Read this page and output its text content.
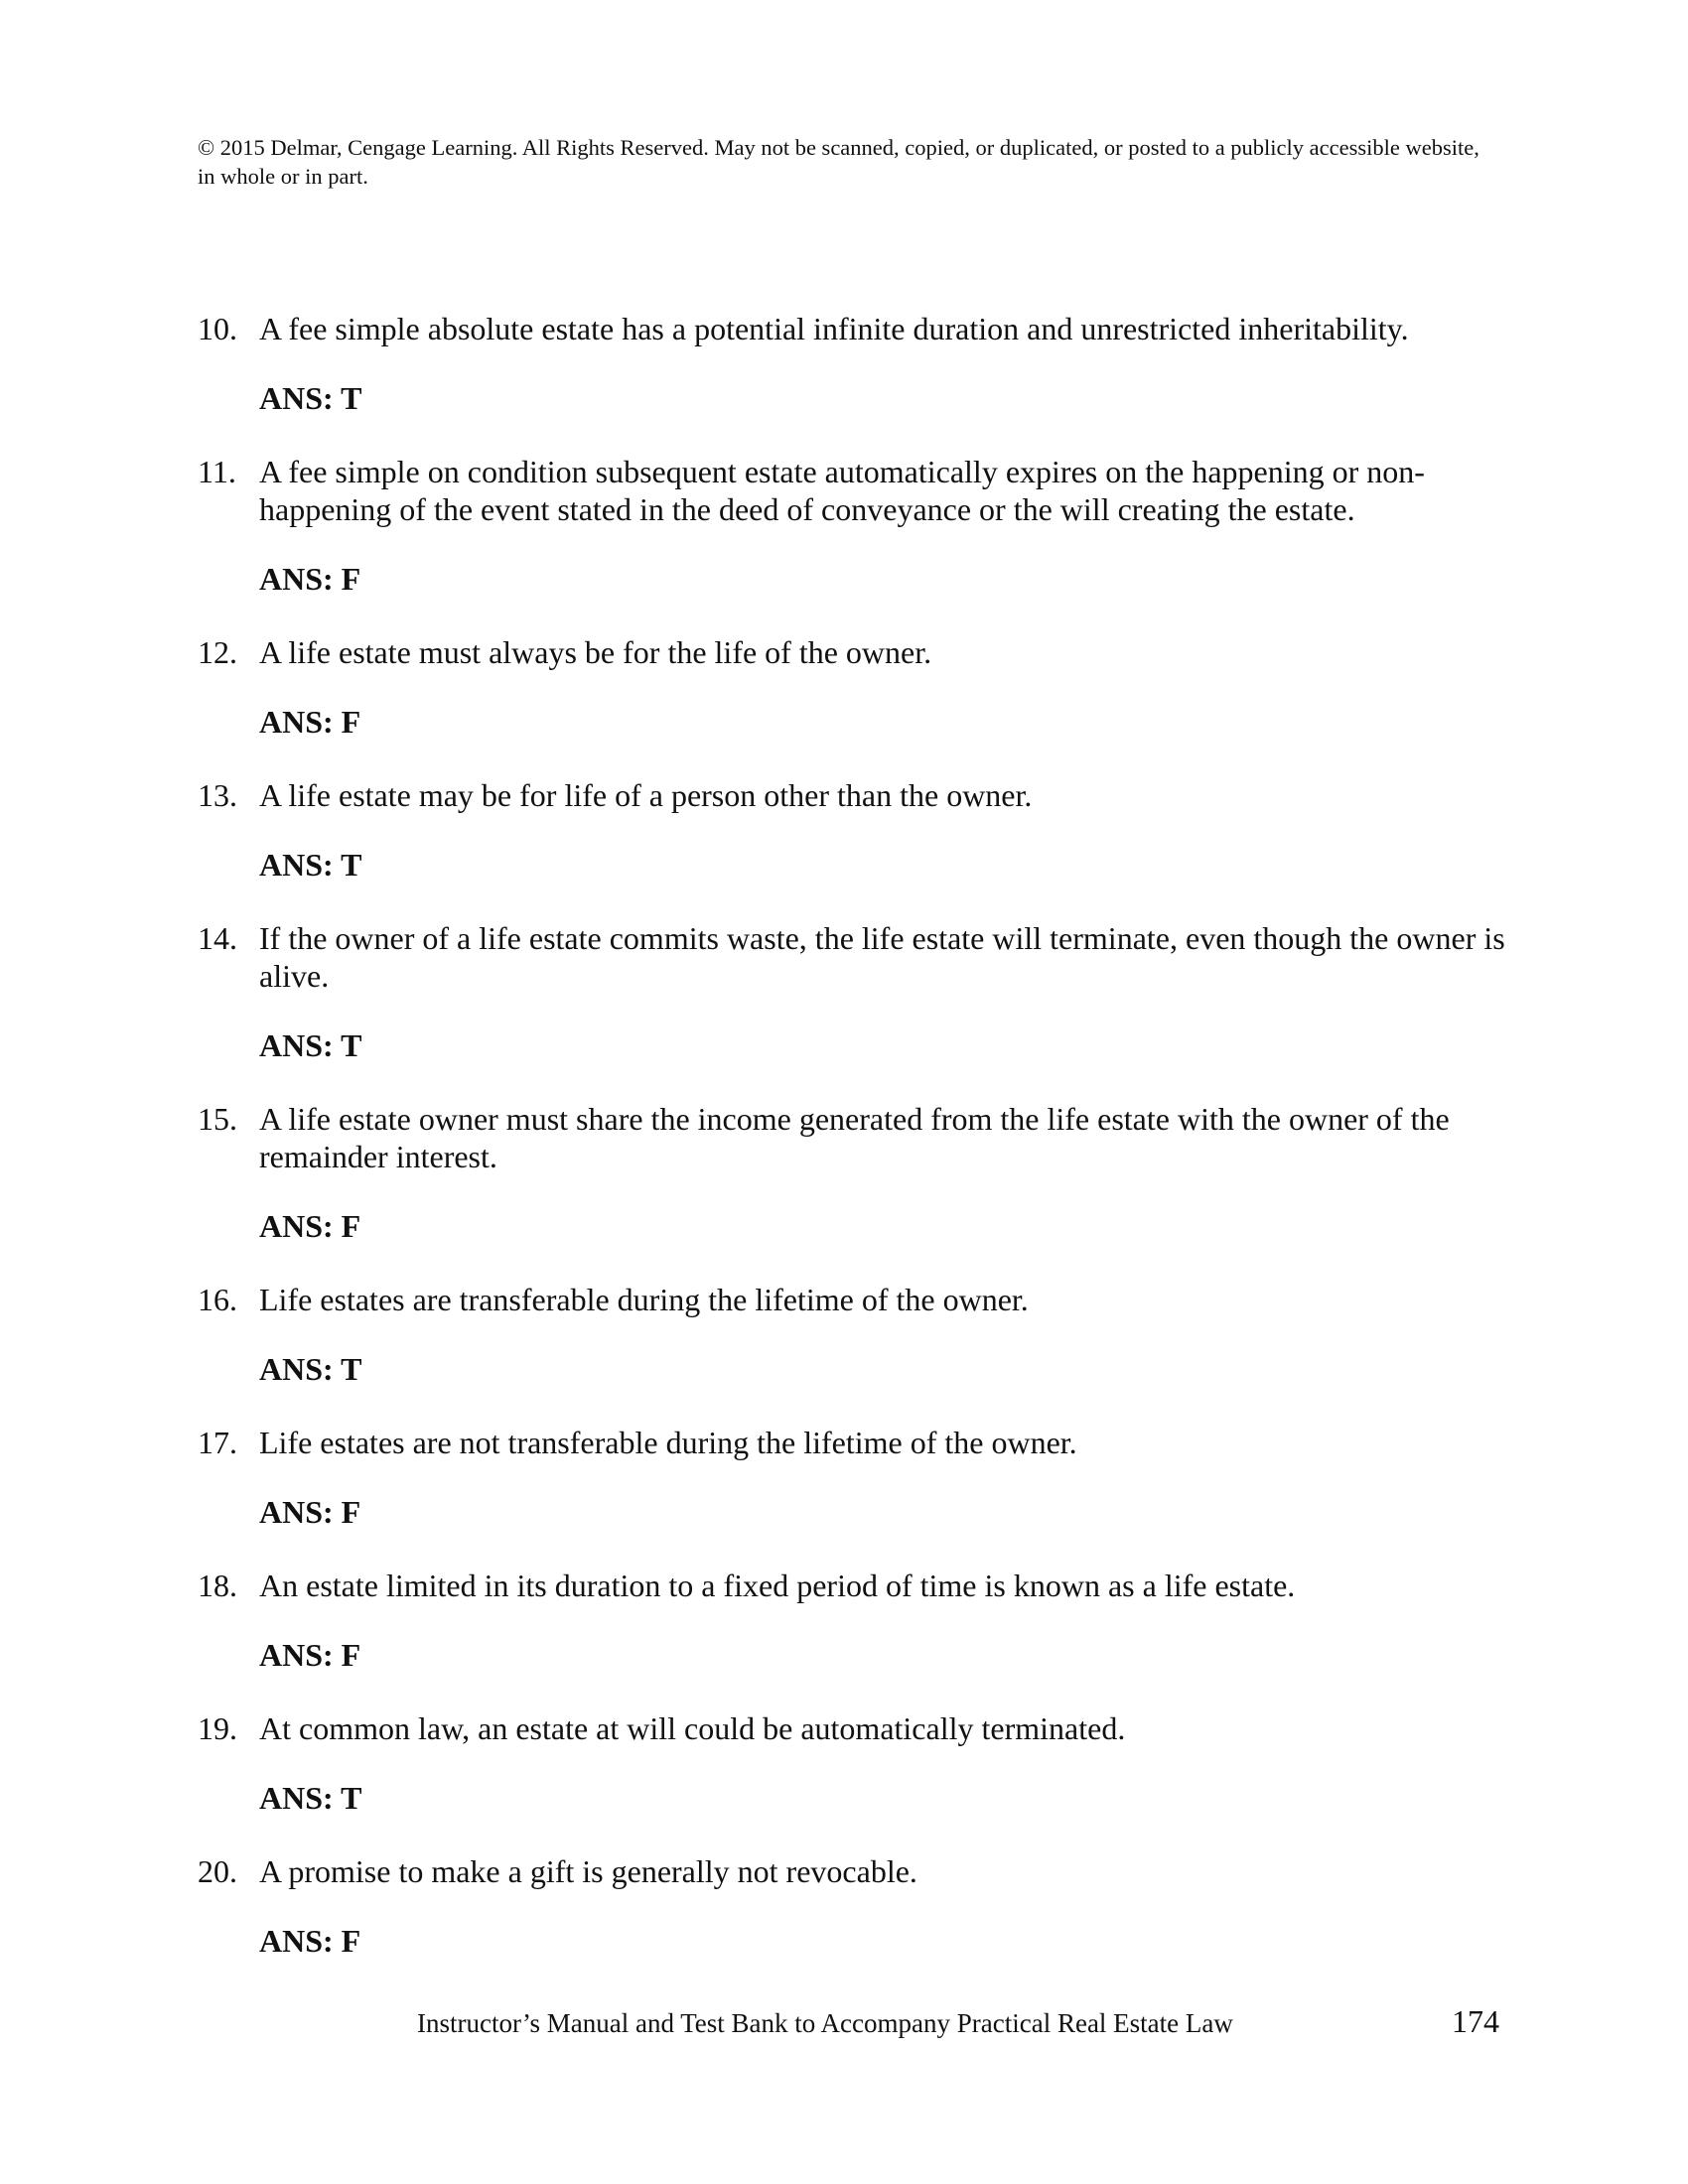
© 2015 Delmar, Cengage Learning. All Rights Reserved. May not be scanned, copied, or duplicated, or posted to a publicly accessible website, in whole or in part.
10. A fee simple absolute estate has a potential infinite duration and unrestricted inheritability.
ANS: T
11. A fee simple on condition subsequent estate automatically expires on the happening or non-happening of the event stated in the deed of conveyance or the will creating the estate.
ANS: F
12. A life estate must always be for the life of the owner.
ANS: F
13. A life estate may be for life of a person other than the owner.
ANS: T
14. If the owner of a life estate commits waste, the life estate will terminate, even though the owner is alive.
ANS: T
15. A life estate owner must share the income generated from the life estate with the owner of the remainder interest.
ANS: F
16. Life estates are transferable during the lifetime of the owner.
ANS: T
17. Life estates are not transferable during the lifetime of the owner.
ANS: F
18. An estate limited in its duration to a fixed period of time is known as a life estate.
ANS: F
19. At common law, an estate at will could be automatically terminated.
ANS: T
20. A promise to make a gift is generally not revocable.
ANS: F
Instructor’s Manual and Test Bank to Accompany Practical Real Estate Law	174
